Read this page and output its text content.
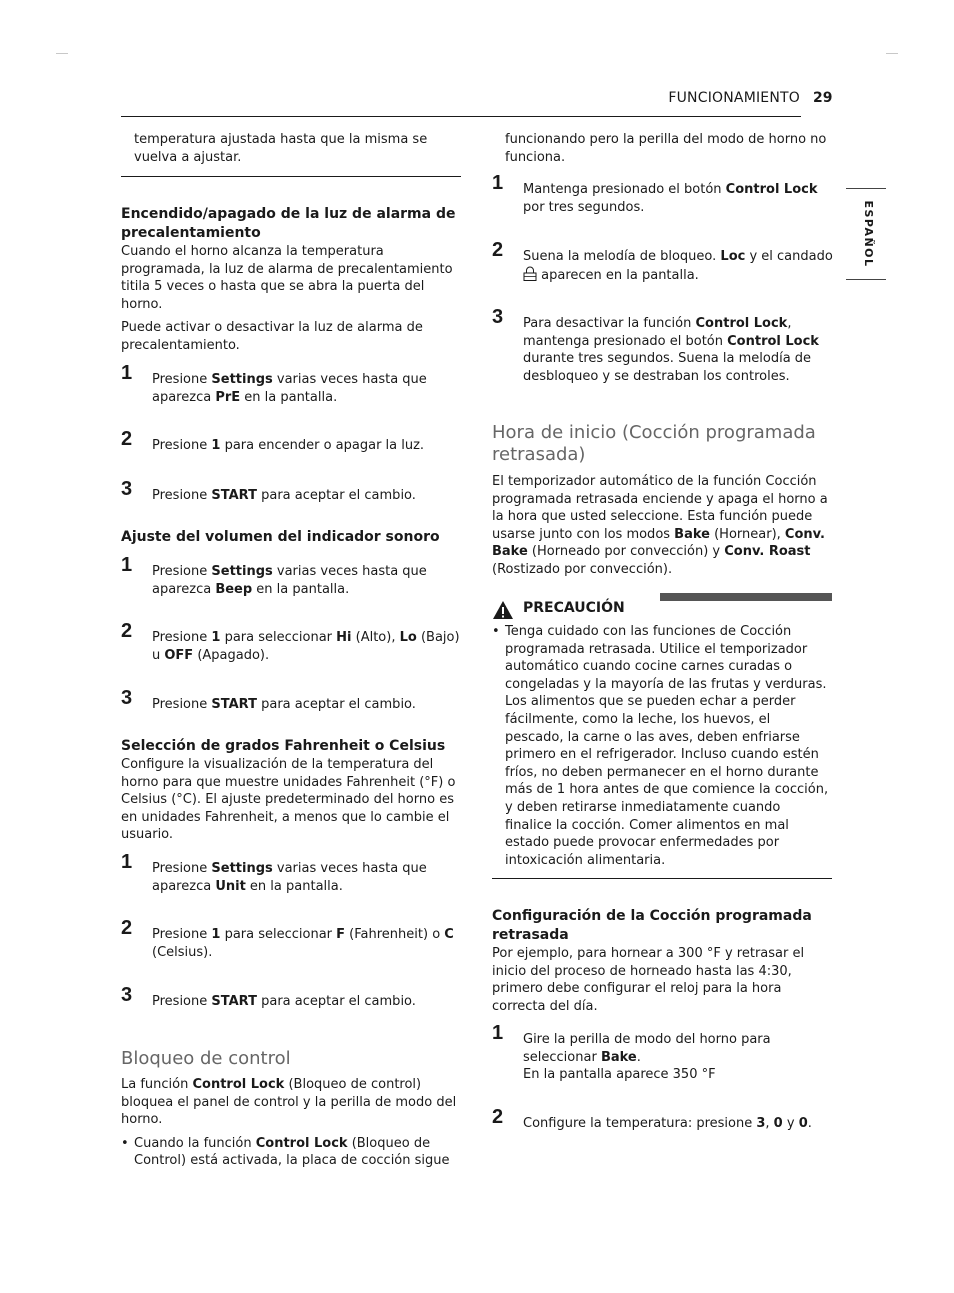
FUNCIONAMIENTO 29
ESPAÑOL
temperatura ajustada hasta que la misma se vuelva a ajustar.

Encendido/apagado de la luz de alarma de precalentamiento

Cuando el horno alcanza la temperatura programada, la luz de alarma de precalentamiento titila 5 veces o hasta que se abra la puerta del horno.

Puede activar o desactivar la luz de alarma de precalentamiento.

1 Presione Settings varias veces hasta que aparezca PrE en la pantalla.
2 Presione 1 para encender o apagar la luz.
3 Presione START para aceptar el cambio.

Ajuste del volumen del indicador sonoro

1 Presione Settings varias veces hasta que aparezca Beep en la pantalla.
2 Presione 1 para seleccionar Hi (Alto), Lo (Bajo) u OFF (Apagado).
3 Presione START para aceptar el cambio.

Selección de grados Fahrenheit o Celsius

Configure la visualización de la temperatura del horno para que muestre unidades Fahrenheit (°F) o Celsius (°C). El ajuste predeterminado del horno es en unidades Fahrenheit, a menos que lo cambie el usuario.

1 Presione Settings varias veces hasta que aparezca Unit en la pantalla.
2 Presione 1 para seleccionar F (Fahrenheit) o C (Celsius).
3 Presione START para aceptar el cambio.

Bloqueo de control

La función Control Lock (Bloqueo de control) bloquea el panel de control y la perilla de modo del horno.

• Cuando la función Control Lock (Bloqueo de Control) está activada, la placa de cocción sigue

funcionando pero la perilla del modo de horno no funciona.
1 Mantenga presionado el botón Control Lock por tres segundos.
2 Suena la melodía de bloqueo. Loc y el candado  aparecen en la pantalla.
3 Para desactivar la función Control Lock, mantenga presionado el botón Control Lock durante tres segundos. Suena la melodía de desbloqueo y se destraban los controles.

Hora de inicio (Cocción programada retrasada)

El temporizador automático de la función Cocción programada retrasada enciende y apaga el horno a la hora que usted seleccione. Esta función puede usarse junto con los modos Bake (Hornear), Conv. Bake (Horneado por convección) y Conv. Roast (Rostizado por convección).

PRECAUCIÓN
• Tenga cuidado con las funciones de Cocción programada retrasada. Utilice el temporizador automático cuando cocine carnes curadas o congeladas y la mayoría de las frutas y verduras. Los alimentos que se pueden echar a perder fácilmente, como la leche, los huevos, el pescado, la carne o las aves, deben enfriarse primero en el refrigerador. Incluso cuando estén fríos, no deben permanecer en el horno durante más de 1 hora antes de que comience la cocción, y deben retirarse inmediatamente cuando finalice la cocción. Comer alimentos en mal estado puede provocar enfermedades por intoxicación alimentaria.

Configuración de la Cocción programada retrasada

Por ejemplo, para hornear a 300 °F y retrasar el inicio del proceso de horneado hasta las 4:30, primero debe configurar el reloj para la hora correcta del día.

1 Gire la perilla de modo del horno para seleccionar Bake.
En la pantalla aparece 350 °F
2 Configure la temperatura: presione 3, 0 y 0.
